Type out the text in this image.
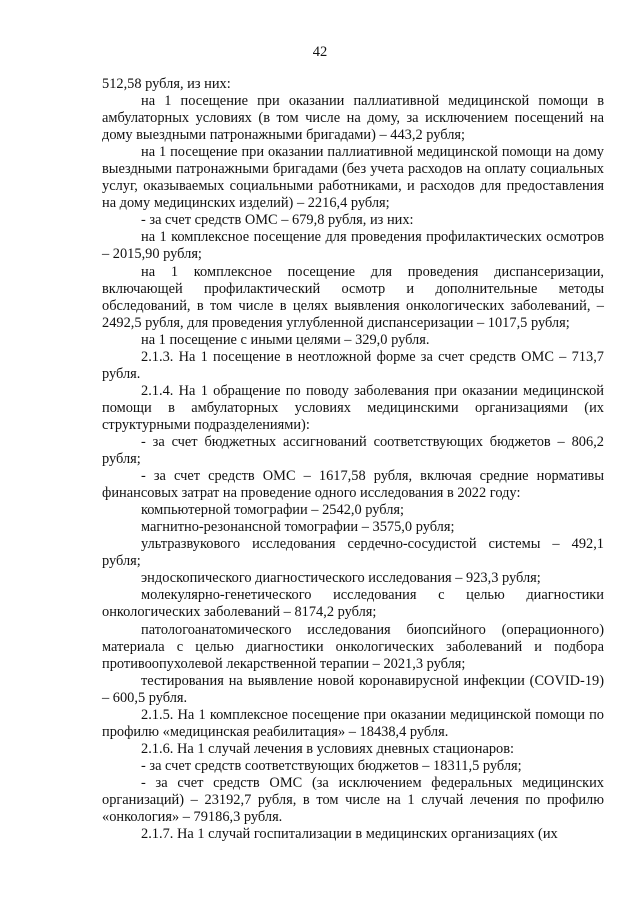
42

512,58 рубля, из них:

на 1 посещение при оказании паллиативной медицинской помощи в амбулаторных условиях (в том числе на дому, за исключением посещений на дому выездными патронажными бригадами) – 443,2 рубля;

на 1 посещение при оказании паллиативной медицинской помощи на дому выездными патронажными бригадами (без учета расходов на оплату социальных услуг, оказываемых социальными работниками, и расходов для предоставления на дому медицинских изделий) – 2216,4 рубля;

- за счет средств ОМС – 679,8 рубля, из них:

на 1 комплексное посещение для проведения профилактических осмотров – 2015,90 рубля;

на 1 комплексное посещение для проведения диспансеризации, включающей профилактический осмотр и дополнительные методы обследований, в том числе в целях выявления онкологических заболеваний, – 2492,5 рубля, для проведения углубленной диспансеризации – 1017,5 рубля;

на 1 посещение с иными целями – 329,0 рубля.

2.1.3. На 1 посещение в неотложной форме за счет средств ОМС – 713,7 рубля.

2.1.4. На 1 обращение по поводу заболевания при оказании медицинской помощи в амбулаторных условиях медицинскими организациями (их структурными подразделениями):

- за счет бюджетных ассигнований соответствующих бюджетов – 806,2 рубля;

- за счет средств ОМС – 1617,58 рубля, включая средние нормативы финансовых затрат на проведение одного исследования в 2022 году:

компьютерной томографии – 2542,0 рубля;

магнитно-резонансной томографии – 3575,0 рубля;

ультразвукового исследования сердечно-сосудистой системы – 492,1 рубля;

эндоскопического диагностического исследования – 923,3 рубля;

молекулярно-генетического исследования с целью диагностики онкологических заболеваний – 8174,2 рубля;

патологоанатомического исследования биопсийного (операционного) материала с целью диагностики онкологических заболеваний и подбора противоопухолевой лекарственной терапии – 2021,3 рубля;

тестирования на выявление новой коронавирусной инфекции (COVID-19) – 600,5 рубля.

2.1.5. На 1 комплексное посещение при оказании медицинской помощи по профилю «медицинская реабилитация» – 18438,4 рубля.

2.1.6. На 1 случай лечения в условиях дневных стационаров:

- за счет средств соответствующих бюджетов – 18311,5 рубля;

- за счет средств ОМС (за исключением федеральных медицинских организаций) – 23192,7 рубля, в том числе на 1 случай лечения по профилю «онкология» – 79186,3 рубля.

2.1.7. На 1 случай госпитализации в медицинских организациях (их
